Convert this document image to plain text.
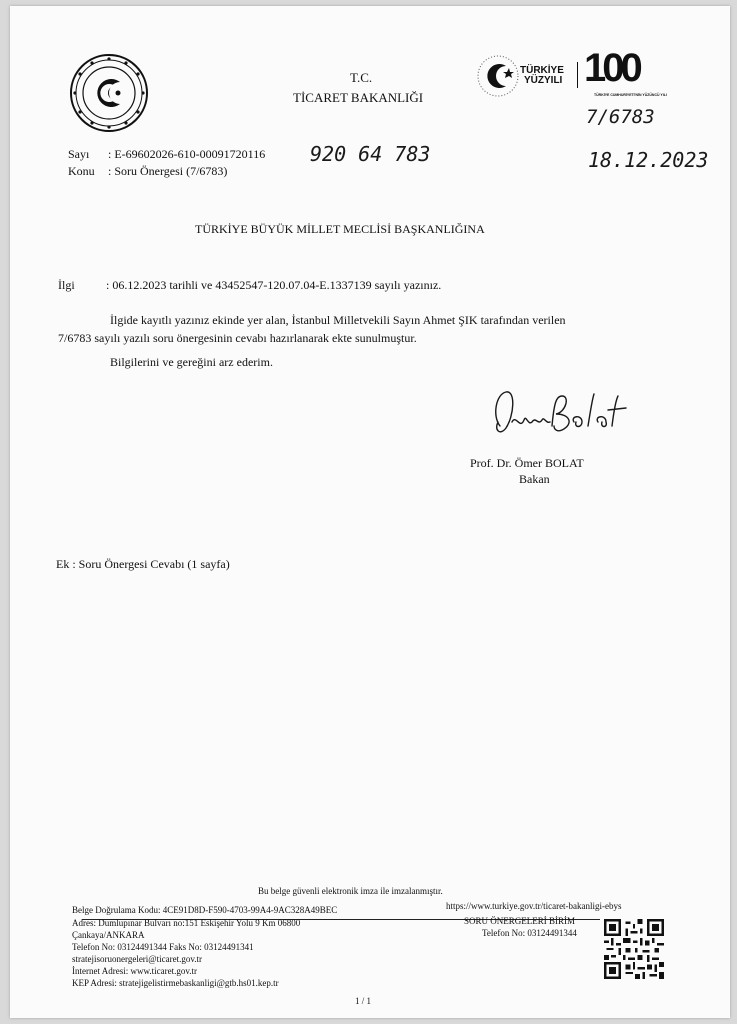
T.C.
TİCARET BAKANLIĞI
TÜRKİYE
YÜZYILI 100
TÜRKİYE CUMHURİYETİ'NİN YÜZÜNCÜ YILI
7/6783
Sayı : E-69602026-610-00091720116 920 64 783	18.12.2023
Konu : Soru Önergesi (7/6783)
TÜRKİYE BÜYÜK MİLLET MECLİSİ BAŞKANLIĞINA
İlgi	: 06.12.2023 tarihli ve 43452547-120.07.04-E.1337139 sayılı yazınız.
İlgide kayıtlı yazınız ekinde yer alan, İstanbul Milletvekili Sayın Ahmet ŞIK tarafından verilen
7/6783 sayılı yazılı soru önergesinin cevabı hazırlanarak ekte sunulmuştur.
Bilgilerini ve gereğini arz ederim.
Prof. Dr. Ömer BOLAT
Bakan
Ek : Soru Önergesi Cevabı (1 sayfa)
Bu belge güvenli elektronik imza ile imzalanmıştır.
Belge Doğrulama Kodu: 4CE91D8D-F590-4703-99A4-9AC328A49BEC	https://www.turkiye.gov.tr/ticaret-bakanligi-ebys
Adres: Dumlupınar Bulvarı no:151 Eskişehir Yolu 9 Km 06800
Çankaya/ANKARA
Telefon No: 03124491344 Faks No: 03124491341
stratejisoruonergeleri@ticaret.gov.tr
İnternet Adresi: www.ticaret.gov.tr
KEP Adresi: stratejigelistirmebaskanligi@gtb.hs01.kep.tr
SORU ÖNERGELERİ BİRİM
Telefon No: 03124491344
1 / 1
